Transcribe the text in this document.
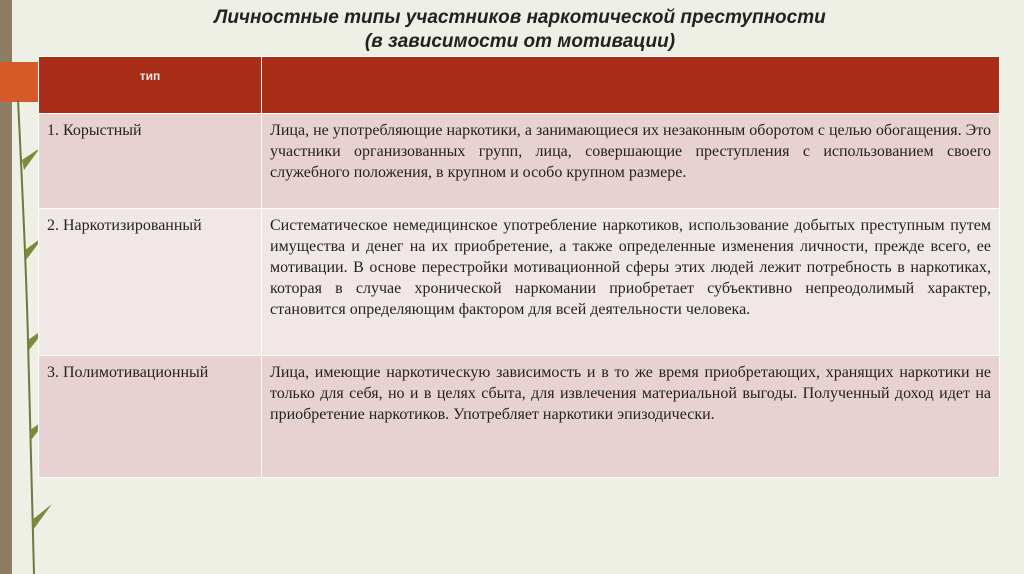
Личностные типы участников наркотической преступности
(в зависимости от мотивации)
тип	
1. Корыстный	Лица, не употребляющие наркотики, а занимающиеся их незаконным оборотом с целью обогащения. Это участники организованных групп, лица, совершающие преступления с использованием своего служебного положения, в крупном и особо крупном размере.
2. Наркотизированный	Систематическое немедицинское употребление наркотиков, использование добытых преступным путем имущества и денег на их приобретение, а также определенные изменения личности, прежде всего, ее мотивации. В основе перестройки мотивационной сферы этих людей лежит потребность в наркотиках, которая в случае хронической наркомании приобретает субъективно непреодолимый характер, становится определяющим фактором для всей деятельности человека.
3. Полимотивационный	Лица, имеющие наркотическую зависимость и в то же время приобретающих, хранящих наркотики не только для себя, но и в целях сбыта, для извлечения материальной выгоды. Полученный доход идет на приобретение наркотиков. Употребляет наркотики эпизодически.
